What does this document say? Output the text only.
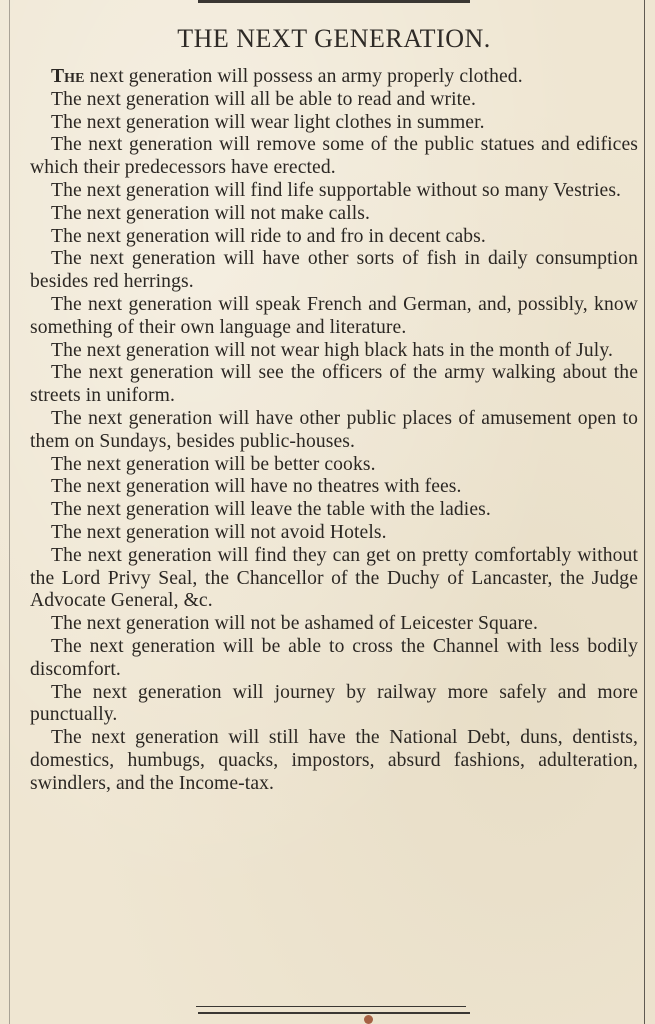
THE NEXT GENERATION.

The next generation will possess an army properly clothed.

The next generation will all be able to read and write.

The next generation will wear light clothes in summer.

The next generation will remove some of the public statues and edifices which their predecessors have erected.

The next generation will find life supportable without so many Vestries.

The next generation will not make calls.

The next generation will ride to and fro in decent cabs.

The next generation will have other sorts of fish in daily consumption besides red herrings.

The next generation will speak French and German, and, possibly, know something of their own language and literature.

The next generation will not wear high black hats in the month of July.

The next generation will see the officers of the army walking about the streets in uniform.

The next generation will have other public places of amusement open to them on Sundays, besides public-houses.

The next generation will be better cooks.

The next generation will have no theatres with fees.

The next generation will leave the table with the ladies.

The next generation will not avoid Hotels.

The next generation will find they can get on pretty comfortably without the Lord Privy Seal, the Chancellor of the Duchy of Lancaster, the Judge Advocate General, &c.

The next generation will not be ashamed of Leicester Square.

The next generation will be able to cross the Channel with less bodily discomfort.

The next generation will journey by railway more safely and more punctually.

The next generation will still have the National Debt, duns, dentists, domestics, humbugs, quacks, impostors, absurd fashions, adulteration, swindlers, and the Income-tax.
